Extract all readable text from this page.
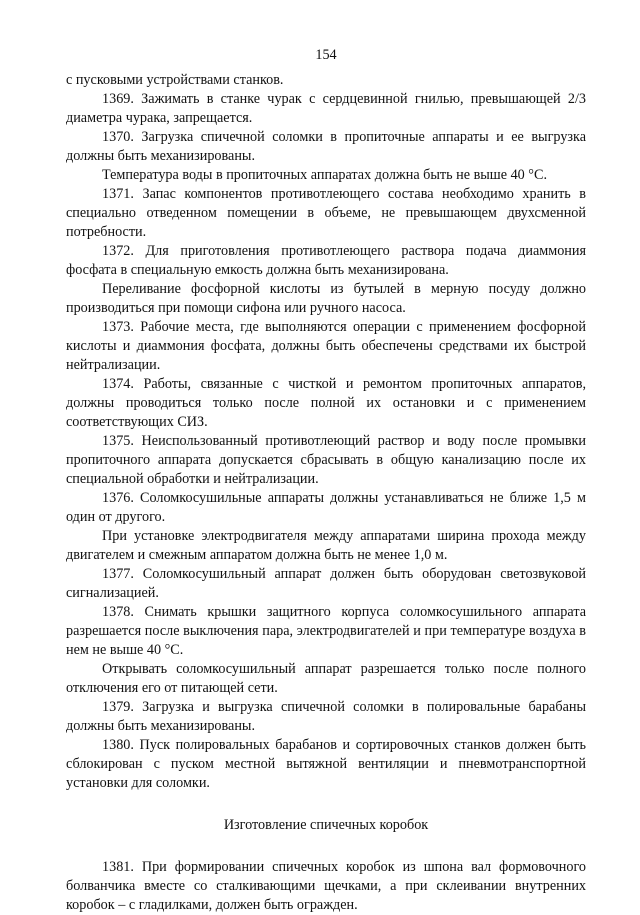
154

с пусковыми устройствами станков.

1369. Зажимать в станке чурак с сердцевинной гнилью, превышающей 2/3 диаметра чурака, запрещается.

1370. Загрузка спичечной соломки в пропиточные аппараты и ее выгрузка должны быть механизированы.

Температура воды в пропиточных аппаратах должна быть не выше 40 °С.

1371. Запас компонентов противотлеющего состава необходимо хранить в специально отведенном помещении в объеме, не превышающем двухсменной потребности.

1372. Для приготовления противотлеющего раствора подача диаммония фосфата в специальную емкость должна быть механизирована.

Переливание фосфорной кислоты из бутылей в мерную посуду должно производиться при помощи сифона или ручного насоса.

1373. Рабочие места, где выполняются операции с применением фосфорной кислоты и диаммония фосфата, должны быть обеспечены средствами их быстрой нейтрализации.

1374. Работы, связанные с чисткой и ремонтом пропиточных аппаратов, должны проводиться только после полной их остановки и с применением соответствующих СИЗ.

1375. Неиспользованный противотлеющий раствор и воду после промывки пропиточного аппарата допускается сбрасывать в общую канализацию после их специальной обработки и нейтрализации.

1376. Соломкосушильные аппараты должны устанавливаться не ближе 1,5 м один от другого.

При установке электродвигателя между аппаратами ширина прохода между двигателем и смежным аппаратом должна быть не менее 1,0 м.

1377. Соломкосушильный аппарат должен быть оборудован светозвуковой сигнализацией.

1378. Снимать крышки защитного корпуса соломкосушильного аппарата разрешается после выключения пара, электродвигателей и при температуре воздуха в нем не выше 40 °С.

Открывать соломкосушильный аппарат разрешается только после полного отключения его от питающей сети.

1379. Загрузка и выгрузка спичечной соломки в полировальные барабаны должны быть механизированы.

1380. Пуск полировальных барабанов и сортировочных станков должен быть сблокирован с пуском местной вытяжной вентиляции и пневмотранспортной установки для соломки.

Изготовление спичечных коробок

1381. При формировании спичечных коробок из шпона вал формовочного болванчика вместе со сталкивающими щечками, а при склеивании внутренних коробок – с гладилками, должен быть огражден.
